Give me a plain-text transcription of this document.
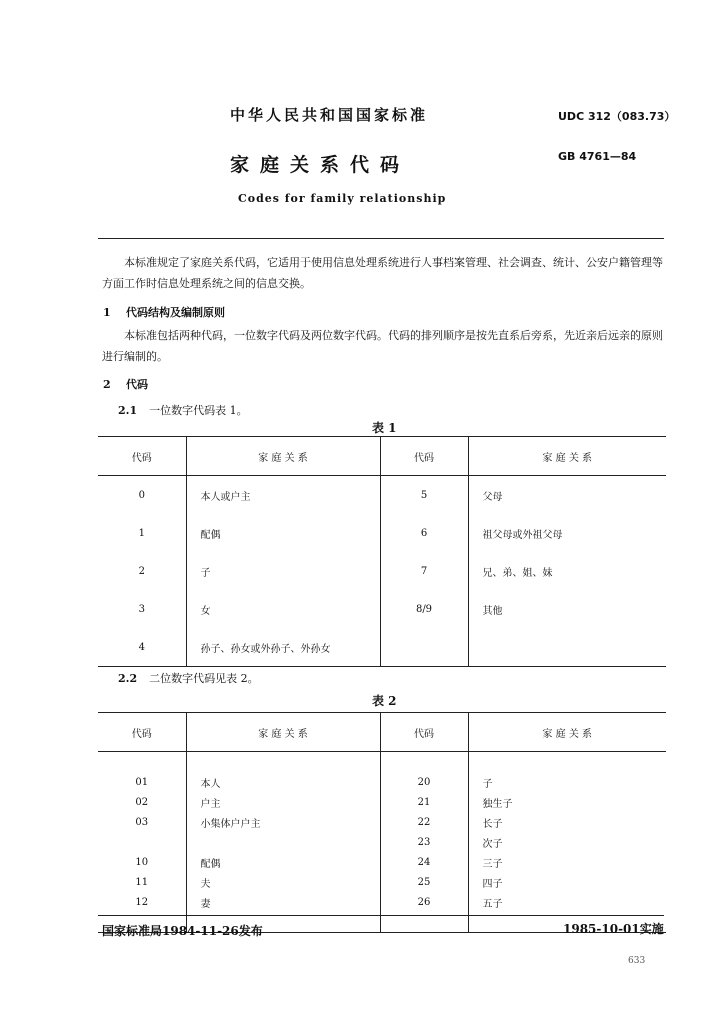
中华人民共和国国家标准	UDC 312（083.73）
家庭关系代码	GB 4761—84
Codes for family relationship
本标准规定了家庭关系代码，它适用于使用信息处理系统进行人事档案管理、社会调查、统计、公安户籍管理等方面工作时信息处理系统之间的信息交换。
1 代码结构及编制原则
本标准包括两种代码，一位数字代码及两位数字代码。代码的排列顺序是按先直系后旁系，先近亲后远亲的原则进行编制的。
2 代码
2.1 一位数字代码表 1。
表 1
代码	家 庭 关 系	代码	家 庭 关 系
0	本人或户主	5	父母
1	配偶	6	祖父母或外祖父母
2	子	7	兄、弟、姐、妹
3	女	8/9	其他
4	孙子、孙女或外孙子、外孙女		
2.2 二位数字代码见表 2。
表 2
代码	家 庭 关 系	代码	家 庭 关 系

01	本人	20	子
02	户主	21	独生子
03	小集体户户主	22	长子
		23	次子
10	配偶	24	三子
11	夫	25	四子
12	妻	26	五子

国家标准局1984-11-26发布	1985-10-01实施
633
